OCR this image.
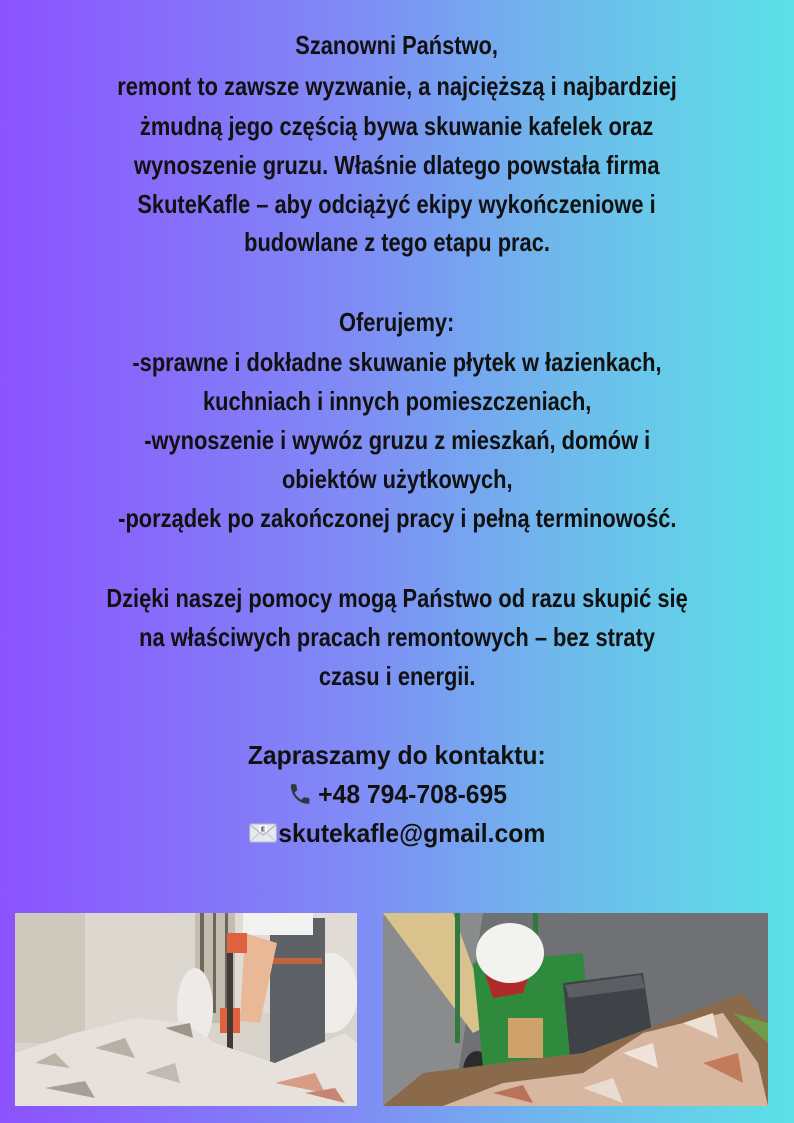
Szanowni Państwo,
remont to zawsze wyzwanie, a najcięższą i najbardziej
żmudną jego częścią bywa skuwanie kafelek oraz
wynoszenie gruzu. Właśnie dlatego powstała firma
SkuteKafle – aby odciążyć ekipy wykończeniowe i
budowlane z tego etapu prac.
Oferujemy:
-sprawne i dokładne skuwanie płytek w łazienkach,
kuchniach i innych pomieszczeniach,
-wynoszenie i wywóz gruzu z mieszkań, domów i
obiektów użytkowych,
-porządek po zakończonej pracy i pełną terminowość.
Dzięki naszej pomocy mogą Państwo od razu skupić się
na właściwych pracach remontowych – bez straty
czasu i energii.
Zapraszamy do kontaktu:
+48 794-708-695
E skutekafle@gmail.com
